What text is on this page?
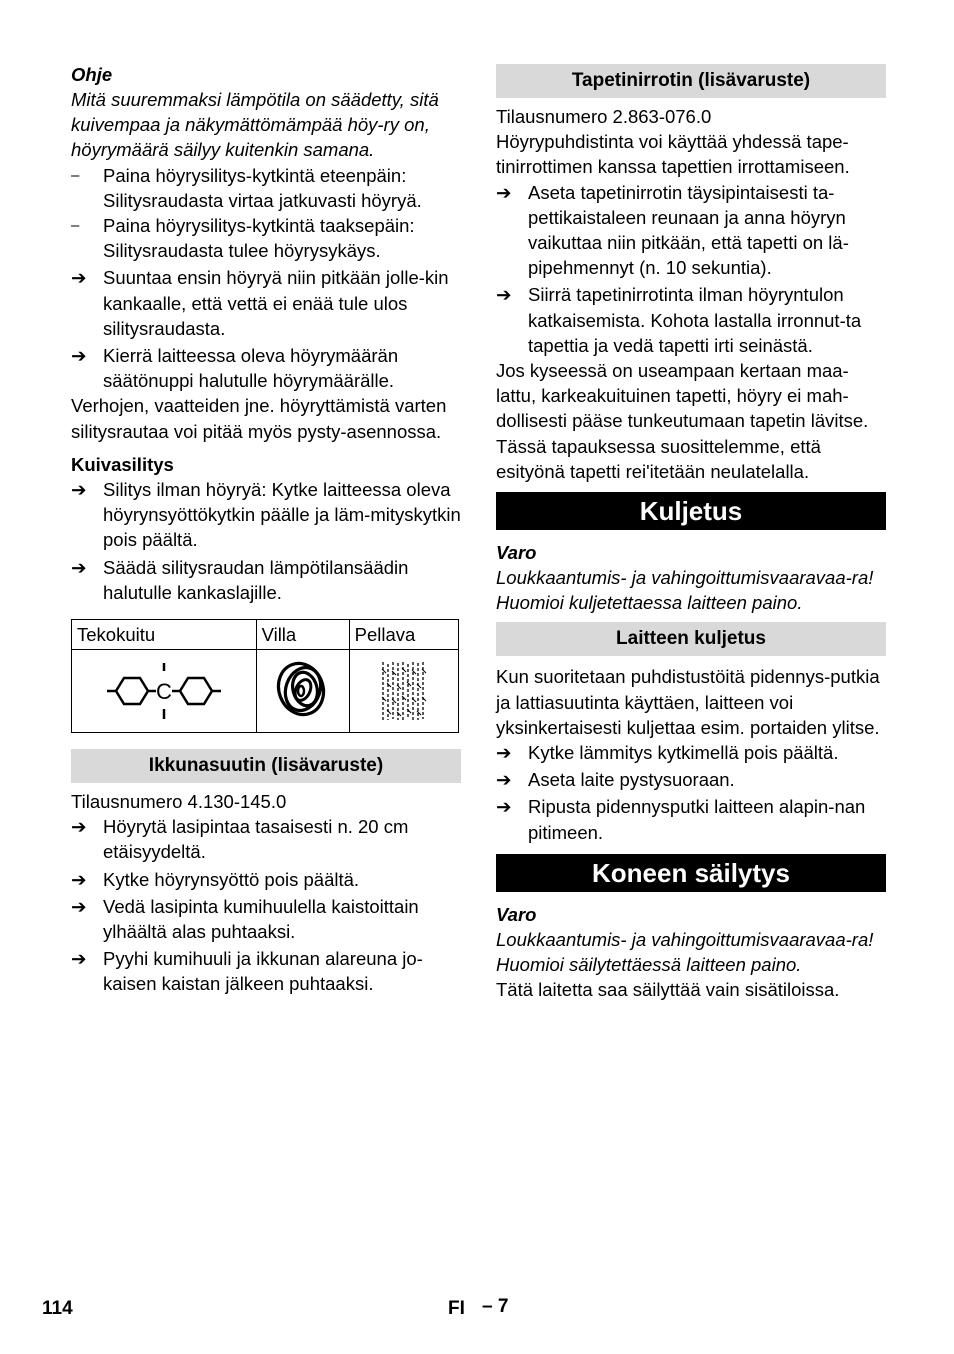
Ohje

Mitä suuremmaksi lämpötila on säädetty, sitä kuivempaa ja näkymättömämpää höy-ry on, höyrymäärä säilyy kuitenkin samana.

–	Paina höyrysilitys-kytkintä eteenpäin: Silitysraudasta virtaa jatkuvasti höyryä.
–	Paina höyrysilitys-kytkintä taaksepäin: Silitysraudasta tulee höyrysykäys.
➔ Suuntaa ensin höyryä niin pitkään jolle-kin kankaalle, että vettä ei enää tule ulos silitysraudasta.
➔ Kierrä laitteessa oleva höyrymäärän säätönuppi halutulle höyrymäärälle.

Verhojen, vaatteiden jne. höyryttämistä varten silitysrautaa voi pitää myös pysty-asennossa.

Kuivasilitys

➔ Silitys ilman höyryä: Kytke laitteessa oleva höyrynsyöttökytkin päälle ja läm-mityskytkin pois päältä.
➔ Säädä silitysraudan lämpötilansäädin halutulle kankaslajille.
Tekokuitu	Villa	Pellava

C

Ikkunasuutin (lisävaruste)

Tilausnumero 4.130-145.0

➔ Höyrytä lasipintaa tasaisesti n. 20 cm etäisyydeltä.
➔ Kytke höyrynsyöttö pois päältä.
➔ Vedä lasipinta kumihuulella kaistoittain ylhäältä alas puhtaaksi.
➔ Pyyhi kumihuuli ja ikkunan alareuna jo-kaisen kaistan jälkeen puhtaaksi.
Tapetinirrotin (lisävaruste)

Tilausnumero 2.863-076.0

Höyrypuhdistinta voi käyttää yhdessä tape-tinirrottimen kanssa tapettien irrottamiseen.

➔ Aseta tapetinirrotin täysipintaisesti ta-pettikaistaleen reunaan ja anna höyryn vaikuttaa niin pitkään, että tapetti on lä-pipehmennyt (n. 10 sekuntia).
➔ Siirrä tapetinirrotinta ilman höyryntulon katkaisemista. Kohota lastalla irronnut-ta tapettia ja vedä tapetti irti seinästä.

Jos kyseessä on useampaan kertaan maa-lattu, karkeakuituinen tapetti, höyry ei mah-dollisesti pääse tunkeutumaan tapetin lävitse. Tässä tapauksessa suosittelemme, että esityönä tapetti rei'itetään neulatelalla.

Kuljetus

Varo

Loukkaantumis- ja vahingoittumisvaaravaa-ra! Huomioi kuljetettaessa laitteen paino.

Laitteen kuljetus

Kun suoritetaan puhdistustöitä pidennys-putkia ja lattiasuutinta käyttäen, laitteen voi yksinkertaisesti kuljettaa esim. portaiden ylitse.

➔ Kytke lämmitys kytkimellä pois päältä.
➔ Aseta laite pystysuoraan.
➔ Ripusta pidennysputki laitteen alapin-nan pitimeen.
Koneen säilytys

Varo

Loukkaantumis- ja vahingoittumisvaaravaa-ra! Huomioi säilytettäessä laitteen paino.

Tätä laitetta saa säilyttää vain sisätiloissa.

114	FI – 7
